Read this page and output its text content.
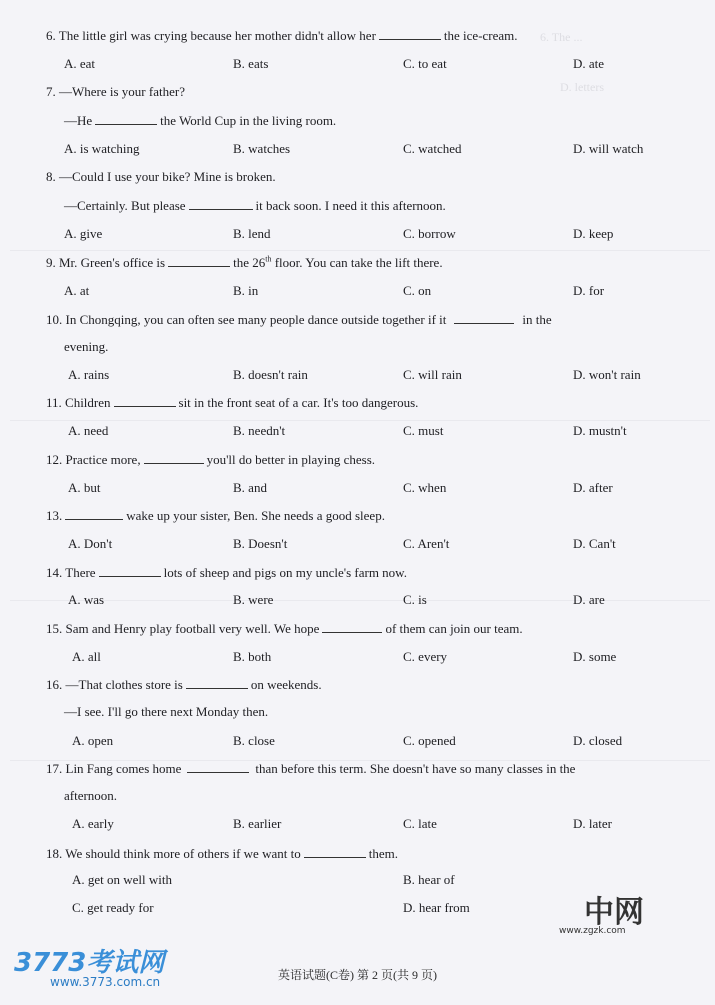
6. The ...
D. letters
6. The little girl was crying because her mother didn't allow her	the ice-cream.
A. eat	B. eats	C. to eat	D. ate
7. —Where is your father?
—He	the World Cup in the living room.
A. is watching	B. watches	C. watched	D. will watch
8. —Could I use your bike? Mine is broken.
—Certainly. But please	it back soon. I need it this afternoon.
A. give	B. lend	C. borrow	D. keep
9. Mr. Green's office is	the 26th floor. You can take the lift there.
A. at	B. in	C. on	D. for
10. In Chongqing, you can often see many people dance outside together if it	in the
evening.
A. rains	B. doesn't rain	C. will rain	D. won't rain
11. Children	sit in the front seat of a car. It's too dangerous.
A. need	B. needn't	C. must	D. mustn't
12. Practice more,	you'll do better in playing chess.
A. but	B. and	C. when	D. after
13.	wake up your sister, Ben. She needs a good sleep.
A. Don't	B. Doesn't	C. Aren't	D. Can't
14. There	lots of sheep and pigs on my uncle's farm now.
A. was	B. were	C. is	D. are
15. Sam and Henry play football very well. We hope	of them can join our team.
A. all	B. both	C. every	D. some
16. —That clothes store is	on weekends.
—I see. I'll go there next Monday then.
A. open	B. close	C. opened	D. closed
17. Lin Fang comes home	than before this term. She doesn't have so many classes in the
afternoon.
A. early	B. earlier	C. late	D. later
18. We should think more of others if we want to	them.
A. get on well with	B. hear of
C. get ready for	D. hear from	中网
www.zgzk.com
3773考试网
www.3773.com.cn	英语试题(C卷) 第 2 页(共 9 页)
